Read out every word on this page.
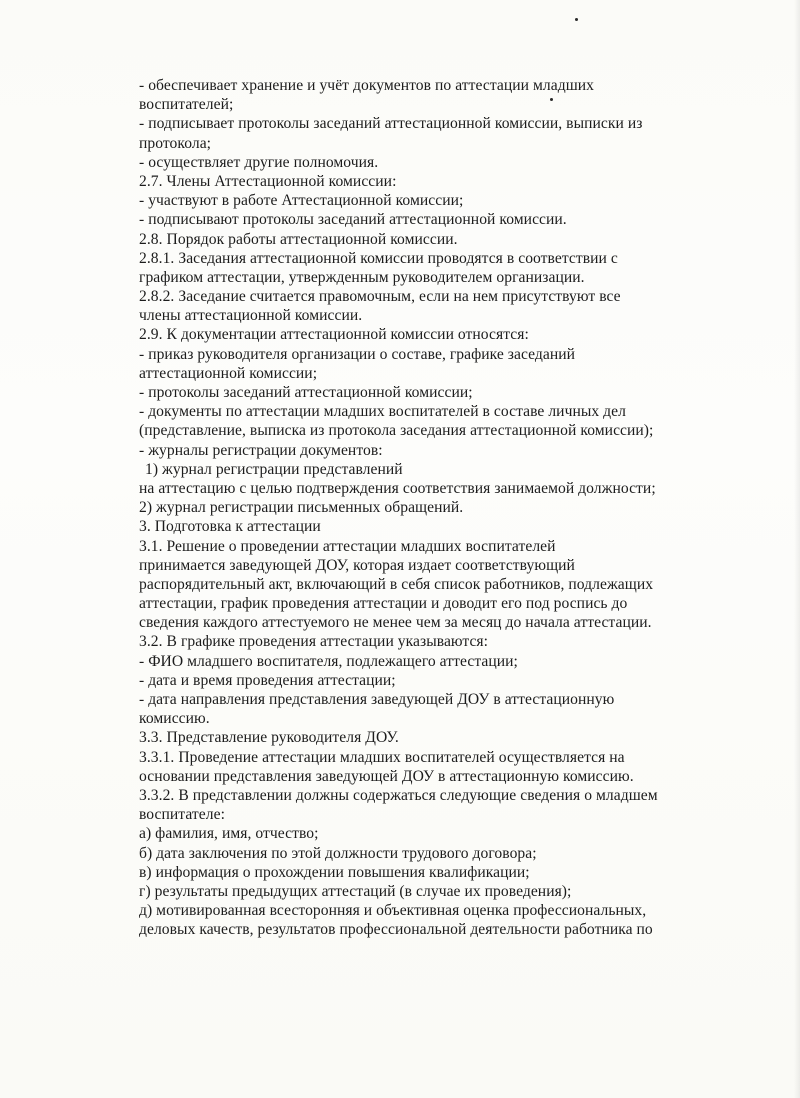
- обеспечивает хранение и учёт документов по аттестации младших
воспитателей;
- подписывает протоколы заседаний аттестационной комиссии, выписки из
протокола;
- осуществляет другие полномочия.
2.7. Члены Аттестационной комиссии:
- участвуют в работе Аттестационной комиссии;
- подписывают протоколы заседаний аттестационной комиссии.
2.8. Порядок работы аттестационной комиссии.
2.8.1. Заседания аттестационной комиссии проводятся в соответствии с
графиком аттестации, утвержденным руководителем организации.
2.8.2. Заседание считается правомочным, если на нем присутствуют все
члены аттестационной комиссии.
2.9. К документации аттестационной комиссии относятся:
- приказ руководителя организации о составе, графике заседаний
аттестационной комиссии;
- протоколы заседаний аттестационной комиссии;
- документы по аттестации младших воспитателей в составе личных дел
(представление, выписка из протокола заседания аттестационной комиссии);
- журналы регистрации документов:
1) журнал регистрации представлений
на аттестацию с целью подтверждения соответствия занимаемой должности;
2) журнал регистрации письменных обращений.
3. Подготовка к аттестации
3.1. Решение о проведении аттестации младших воспитателей
принимается заведующей ДОУ, которая издает соответствующий
распорядительный акт, включающий в себя список работников, подлежащих
аттестации, график проведения аттестации и доводит его под роспись до
сведения каждого аттестуемого не менее чем за месяц до начала аттестации.
3.2. В графике проведения аттестации указываются:
- ФИО младшего воспитателя, подлежащего аттестации;
- дата и время проведения аттестации;
- дата направления представления заведующей ДОУ в аттестационную
комиссию.
3.3. Представление руководителя ДОУ.
3.3.1. Проведение аттестации младших воспитателей осуществляется на
основании представления заведующей ДОУ в аттестационную комиссию.
3.3.2. В представлении должны содержаться следующие сведения о младшем
воспитателе:
а) фамилия, имя, отчество;
б) дата заключения по этой должности трудового договора;
в) информация о прохождении повышения квалификации;
г) результаты предыдущих аттестаций (в случае их проведения);
д) мотивированная всесторонняя и объективная оценка профессиональных,
деловых качеств, результатов профессиональной деятельности работника по
